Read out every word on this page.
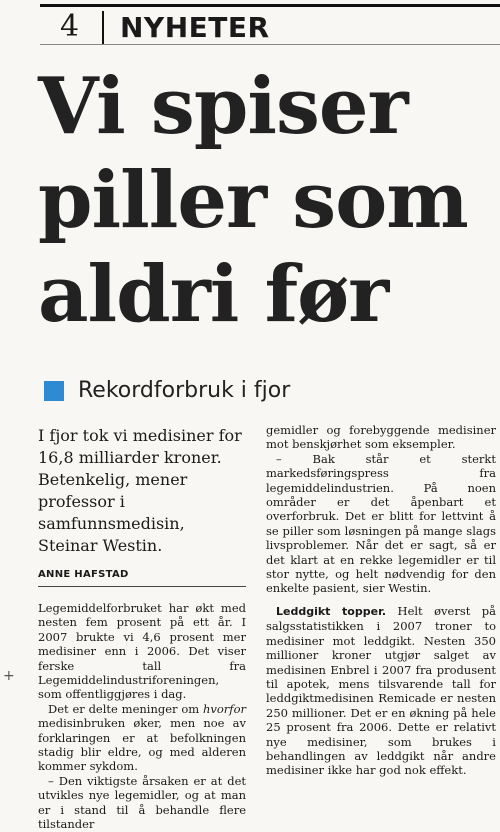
4 NYHETER
Vi spiser
piller som
aldri før
Rekordforbruk i fjor

I fjor tok vi medisiner for 16,8 milliarder kroner. Betenkelig, mener professor i samfunnsmedisin, Steinar Westin.

ANNE HAFSTAD

Legemiddelforbruket har økt med nesten fem prosent på ett år. I 2007 brukte vi 4,6 prosent mer medisiner enn i 2006. Det viser ferske tall fra Legemiddelindustriforeningen, som offentliggjøres i dag.

Det er delte meninger om hvorfor medisinbruken øker, men noe av forklaringen er at befolkningen stadig blir eldre, og med alderen kommer sykdom.

– Den viktigste årsaken er at det utvikles nye legemidler, og at man er i stand til å behandle flere tilstander

gemidler og forebyggende medisiner mot benskjørhet som eksempler.

– Bak står et sterkt markedsføringspress fra legemiddelindustrien. På noen områder er det åpenbart et overforbruk. Det er blitt for lettvint å se piller som løsningen på mange slags livsproblemer. Når det er sagt, så er det klart at en rekke legemidler er til stor nytte, og helt nødvendig for den enkelte pasient, sier Westin.

Leddgikt topper. Helt øverst på salgsstatistikken i 2007 troner to medisiner mot leddgikt. Nesten 350 millioner kroner utgjør salget av medisinen Enbrel i 2007 fra produsent til apotek, mens tilsvarende tall for leddgiktmedisinen Remicade er nesten 250 millioner. Det er en økning på hele 25 prosent fra 2006. Dette er relativt nye medisiner, som brukes i behandlingen av leddgikt når andre medisiner ikke har god nok effekt.

+
